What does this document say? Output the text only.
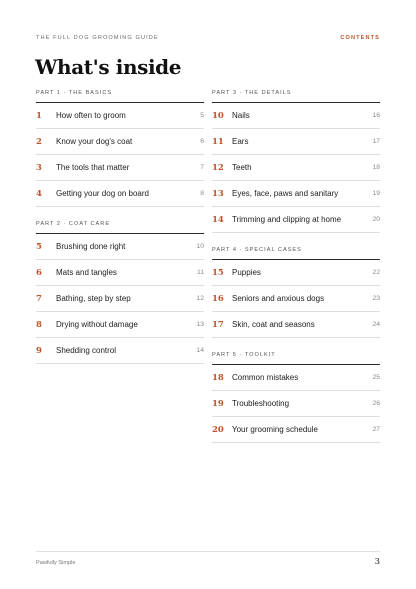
THE FULL DOG GROOMING GUIDE	CONTENTS
What's inside
PART 1 · THE BASICS
1	How often to groom	5
2	Know your dog's coat	6
3	The tools that matter	7
4	Getting your dog on board	8
PART 2 · COAT CARE
5	Brushing done right	10
6	Mats and tangles	11
7	Bathing, step by step	12
8	Drying without damage	13
9	Shedding control	14
PART 3 · THE DETAILS
10	Nails	16
11	Ears	17
12	Teeth	18
13	Eyes, face, paws and sanitary	19
14	Trimming and clipping at home	20
PART 4 · SPECIAL CASES
15	Puppies	22
16	Seniors and anxious dogs	23
17	Skin, coat and seasons	24
PART 5 · TOOLKIT
18	Common mistakes	25
19	Troubleshooting	26
20	Your grooming schedule	27
Pawfully Simple	3
